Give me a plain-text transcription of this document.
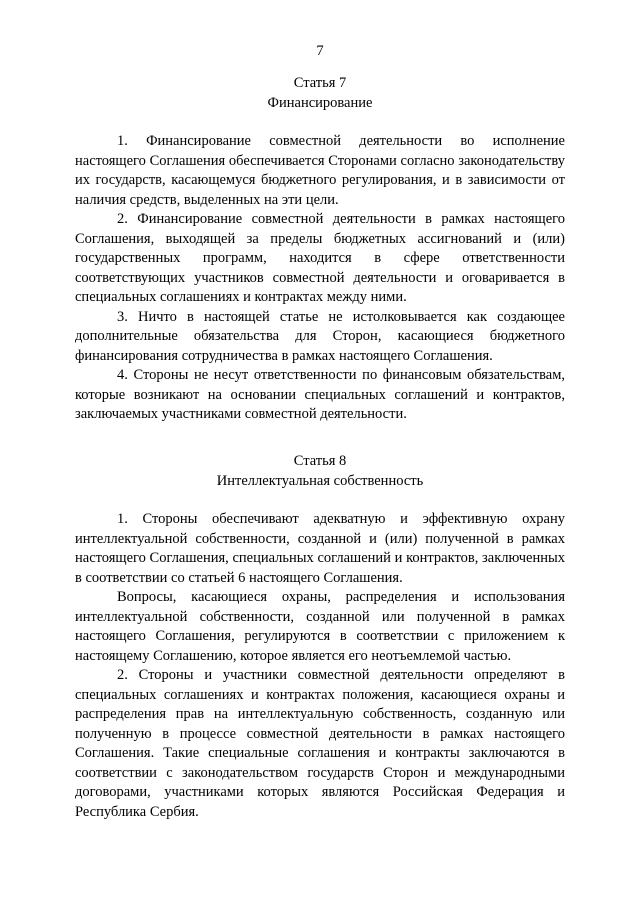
7

Статья 7

Финансирование

1. Финансирование совместной деятельности во исполнение настоящего Соглашения обеспечивается Сторонами согласно законодательству их государств, касающемуся бюджетного регулирования, и в зависимости от наличия средств, выделенных на эти цели.

2. Финансирование совместной деятельности в рамках настоящего Соглашения, выходящей за пределы бюджетных ассигнований и (или) государственных программ, находится в сфере ответственности соответствующих участников совместной деятельности и оговаривается в специальных соглашениях и контрактах между ними.

3. Ничто в настоящей статье не истолковывается как создающее дополнительные обязательства для Сторон, касающиеся бюджетного финансирования сотрудничества в рамках настоящего Соглашения.

4. Стороны не несут ответственности по финансовым обязательствам, которые возникают на основании специальных соглашений и контрактов, заключаемых участниками совместной деятельности.

Статья 8

Интеллектуальная собственность

1. Стороны обеспечивают адекватную и эффективную охрану интеллектуальной собственности, созданной и (или) полученной в рамках настоящего Соглашения, специальных соглашений и контрактов, заключенных в соответствии со статьей 6 настоящего Соглашения.

Вопросы, касающиеся охраны, распределения и использования интеллектуальной собственности, созданной или полученной в рамках настоящего Соглашения, регулируются в соответствии с приложением к настоящему Соглашению, которое является его неотъемлемой частью.

2. Стороны и участники совместной деятельности определяют в специальных соглашениях и контрактах положения, касающиеся охраны и распределения прав на интеллектуальную собственность, созданную или полученную в процессе совместной деятельности в рамках настоящего Соглашения. Такие специальные соглашения и контракты заключаются в соответствии с законодательством государств Сторон и международными договорами, участниками которых являются Российская Федерация и Республика Сербия.
